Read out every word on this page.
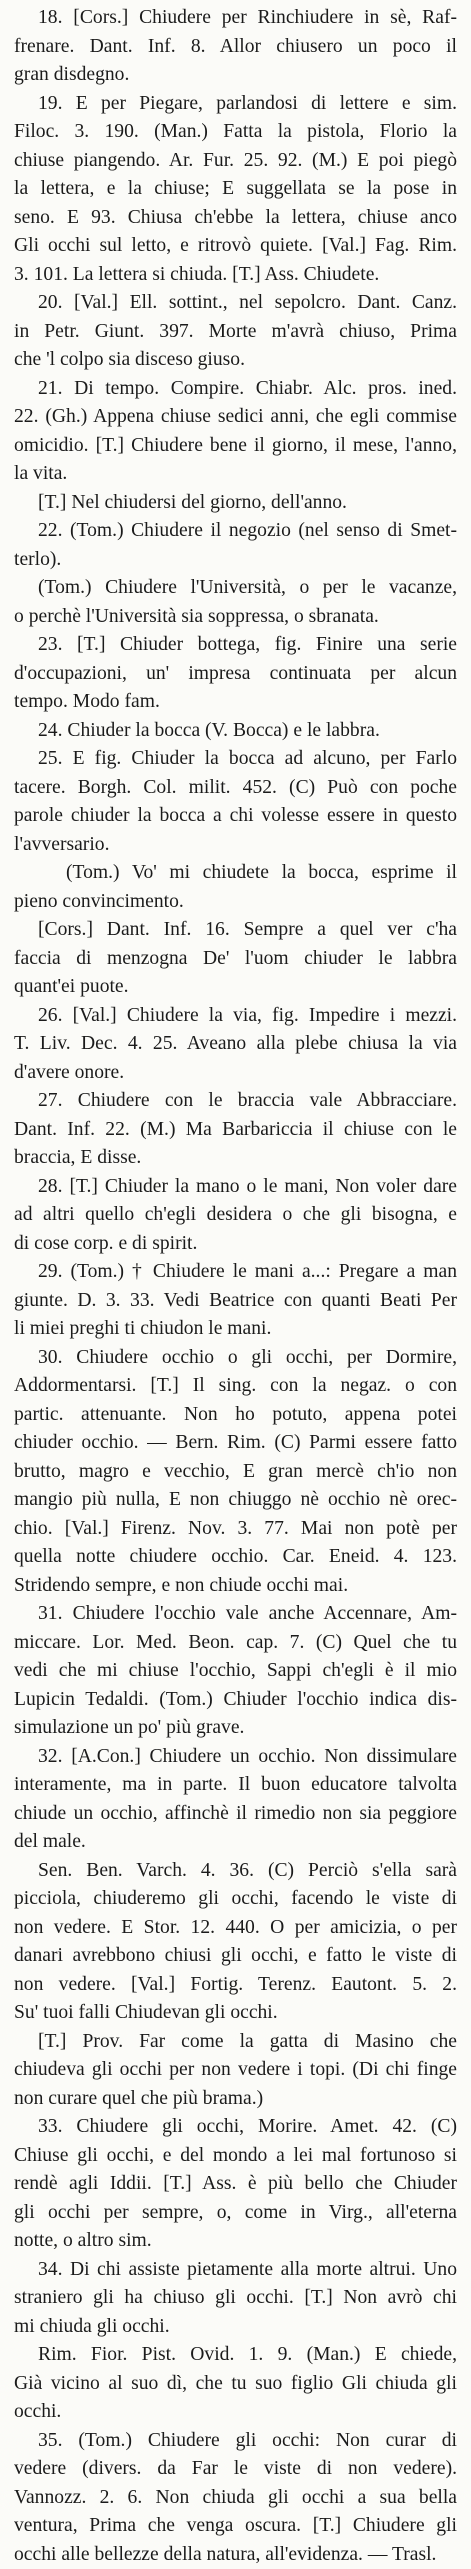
18. [Cors.] Chiudere per Rinchiudere in sè, Raf-
frenare. Dant. Inf. 8. Allor chiusero un poco il
gran disdegno.
19. E per Piegare, parlandosi di lettere e sim.
Filoc. 3. 190. (Man.) Fatta la pistola, Florio la
chiuse piangendo. Ar. Fur. 25. 92. (M.) E poi piegò
la lettera, e la chiuse; E suggellata se la pose in
seno. E 93. Chiusa ch'ebbe la lettera, chiuse anco
Gli occhi sul letto, e ritrovò quiete. [Val.] Fag. Rim.
3. 101. La lettera si chiuda. [T.] Ass. Chiudete.
20. [Val.] Ell. sottint., nel sepolcro. Dant. Canz.
in Petr. Giunt. 397. Morte m'avrà chiuso, Prima
che 'l colpo sia disceso giuso.
21. Di tempo. Compire. Chiabr. Alc. pros. ined.
22. (Gh.) Appena chiuse sedici anni, che egli commise
omicidio. [T.] Chiudere bene il giorno, il mese, l'anno,
la vita.
[T.] Nel chiudersi del giorno, dell'anno.
22. (Tom.) Chiudere il negozio (nel senso di Smet-
terlo).
(Tom.) Chiudere l'Università, o per le vacanze,
o perchè l'Università sia soppressa, o sbranata.
23. [T.] Chiuder bottega, fig. Finire una serie
d'occupazioni, un' impresa continuata per alcun
tempo. Modo fam.
24. Chiuder la bocca (V. Bocca) e le labbra.
25. E fig. Chiuder la bocca ad alcuno, per Farlo
tacere. Borgh. Col. milit. 452. (C) Può con poche
parole chiuder la bocca a chi volesse essere in questo
l'avversario.
(Tom.) Vo' mi chiudete la bocca, esprime il
pieno convincimento.
[Cors.] Dant. Inf. 16. Sempre a quel ver c'ha
faccia di menzogna De' l'uom chiuder le labbra
quant'ei puote.
26. [Val.] Chiudere la via, fig. Impedire i mezzi.
T. Liv. Dec. 4. 25. Aveano alla plebe chiusa la via
d'avere onore.
27. Chiudere con le braccia vale Abbracciare.
Dant. Inf. 22. (M.) Ma Barbariccia il chiuse con le
braccia, E disse.
28. [T.] Chiuder la mano o le mani, Non voler dare
ad altri quello ch'egli desidera o che gli bisogna, e
di cose corp. e di spirit.
29. (Tom.) † Chiudere le mani a...: Pregare a man
giunte. D. 3. 33. Vedi Beatrice con quanti Beati Per
li miei preghi ti chiudon le mani.
30. Chiudere occhio o gli occhi, per Dormire,
Addormentarsi. [T.] Il sing. con la negaz. o con
partic. attenuante. Non ho potuto, appena potei
chiuder occhio. — Bern. Rim. (C) Parmi essere fatto
brutto, magro e vecchio, E gran mercè ch'io non
mangio più nulla, E non chiuggo nè occhio nè orec-
chio. [Val.] Firenz. Nov. 3. 77. Mai non potè per
quella notte chiudere occhio. Car. Eneid. 4. 123.
Stridendo sempre, e non chiude occhi mai.
31. Chiudere l'occhio vale anche Accennare, Am-
miccare. Lor. Med. Beon. cap. 7. (C) Quel che tu
vedi che mi chiuse l'occhio, Sappi ch'egli è il mio
Lupicin Tedaldi. (Tom.) Chiuder l'occhio indica dis-
simulazione un po' più grave.
32. [A.Con.] Chiudere un occhio. Non dissimulare
interamente, ma in parte. Il buon educatore talvolta
chiude un occhio, affinchè il rimedio non sia peggiore
del male.
Sen. Ben. Varch. 4. 36. (C) Perciò s'ella sarà
picciola, chiuderemo gli occhi, facendo le viste di
non vedere. E Stor. 12. 440. O per amicizia, o per
danari avrebbono chiusi gli occhi, e fatto le viste di
non vedere. [Val.] Fortig. Terenz. Eautont. 5. 2.
Su' tuoi falli Chiudevan gli occhi.
[T.] Prov. Far come la gatta di Masino che
chiudeva gli occhi per non vedere i topi. (Di chi finge
non curare quel che più brama.)
33. Chiudere gli occhi, Morire. Amet. 42. (C)
Chiuse gli occhi, e del mondo a lei mal fortunoso si
rendè agli Iddii. [T.] Ass. è più bello che Chiuder
gli occhi per sempre, o, come in Virg., all'eterna
notte, o altro sim.
34. Di chi assiste pietamente alla morte altrui. Uno
straniero gli ha chiuso gli occhi. [T.] Non avrò chi
mi chiuda gli occhi.
Rim. Fior. Pist. Ovid. 1. 9. (Man.) E chiede,
Già vicino al suo dì, che tu suo figlio Gli chiuda gli
occhi.
35. (Tom.) Chiudere gli occhi: Non curar di
vedere (divers. da Far le viste di non vedere).
Vannozz. 2. 6. Non chiuda gli occhi a sua bella
ventura, Prima che venga oscura. [T.] Chiudere gli
occhi alle bellezze della natura, all'evidenza. — Trasl.
